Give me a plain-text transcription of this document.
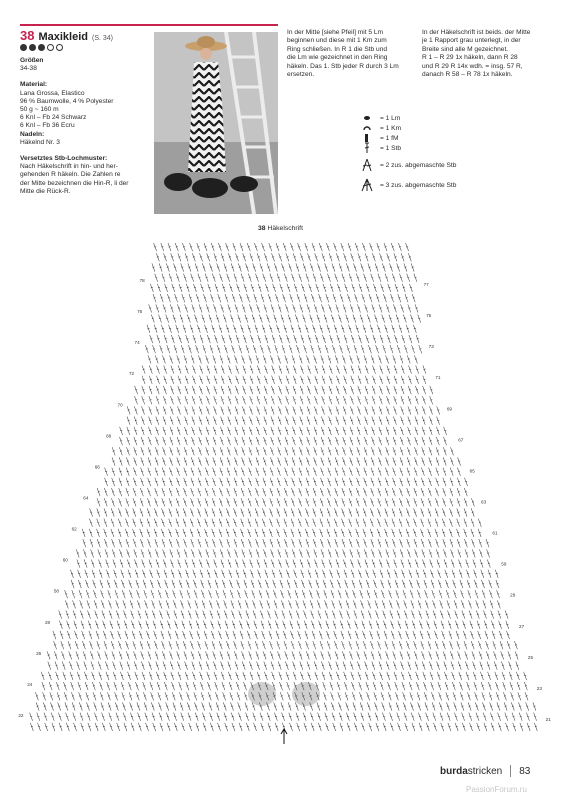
38 Maxikleid (S. 34)
Größen
34-38
Material:
Lana Grossa, Elastico
96 % Baumwolle, 4 % Polyester
50 g ~ 160 m
6 Knl – Fb 24 Schwarz
6 Knl – Fb 36 Ecru
Nadeln:
Häkelnd Nr. 3
Versetztes Stb-Lochmuster:
Nach Häkelschrift in hin- und her-
gehenden R häkeln. Die Zahlen re
der Mitte bezeichnen die Hin-R, li der
Mitte die Rück-R.
In der Mitte [siehe Pfeil] mit 5 Lm
beginnen und diese mit 1 Km zum
Ring schließen. In R 1 die Stb und
die Lm wie gezeichnet in den Ring
häkeln. Das 1. Stb jeder R durch 3 Lm
ersetzen.
In der Häkelschrift ist beids. der Mitte
je 1 Rapport grau unterlegt, in der
Breite sind alle M gezeichnet.
R 1 – R 29 1x häkeln, dann R 28
und R 29 R 14x wdh. = insg. 57 R,
danach R 58 – R 78 1x häkeln.
= 1 Lm
= 1 Km
= 1 fM
= 1 Stb
= 2 zus. abgemaschte Stb
= 3 zus. abgemaschte Stb
38 Häkelschrift
78
76
74
72
70
68
66
64
62
60
58
28
26
24
22
77
75
73
71
69
67
65
63
61
59
29
27
25
23
21
burdastricken 83
PassionForum.ru
